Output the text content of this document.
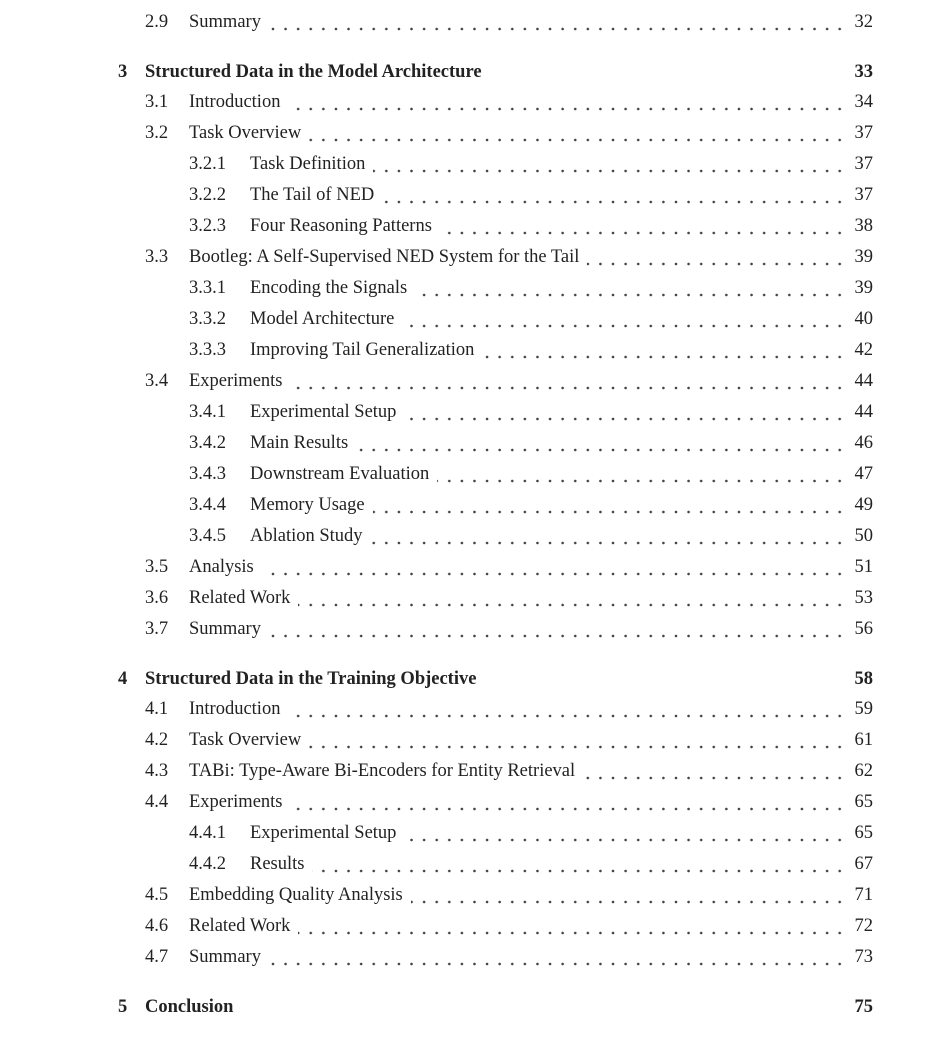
2.9 Summary	32
3 Structured Data in the Model Architecture	33
3.1 Introduction	34
3.2 Task Overview	37
3.2.1 Task Definition	37
3.2.2 The Tail of NED	37
3.2.3 Four Reasoning Patterns	38
3.3 Bootleg: A Self-Supervised NED System for the Tail	39
3.3.1 Encoding the Signals	39
3.3.2 Model Architecture	40
3.3.3 Improving Tail Generalization	42
3.4 Experiments	44
3.4.1 Experimental Setup	44
3.4.2 Main Results	46
3.4.3 Downstream Evaluation	47
3.4.4 Memory Usage	49
3.4.5 Ablation Study	50
3.5 Analysis	51
3.6 Related Work	53
3.7 Summary	56
4 Structured Data in the Training Objective	58
4.1 Introduction	59
4.2 Task Overview	61
4.3 TABi: Type-Aware Bi-Encoders for Entity Retrieval	62
4.4 Experiments	65
4.4.1 Experimental Setup	65
4.4.2 Results	67
4.5 Embedding Quality Analysis	71
4.6 Related Work	72
4.7 Summary	73
5 Conclusion	75
